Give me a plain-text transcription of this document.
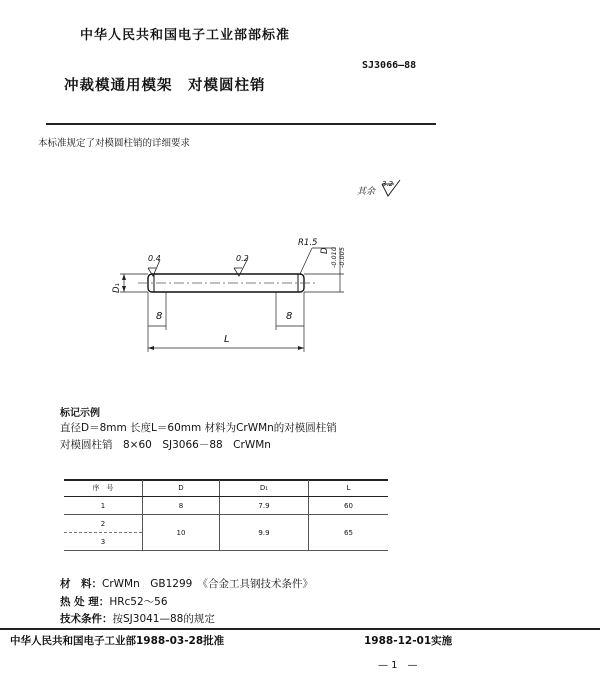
中华人民共和国电子工业部部标准
SJ3066—88
冲裁模通用模架　对模圆柱销
本标准规定了对模圆柱销的详细要求
其余
3.2
0.4	0.2
R1.5
D -0.010 -0.005
D₁
8	8
L
标记示例
直径D＝8mm 长度L＝60mm 材料为CrWMn的对模圆柱销
对模圆柱销　8×60　SJ3066－88　CrWMn
序　号	D	D₁	L
1	8	7.9	60
2	10	9.9	65
3			
材　料：CrWMn　GB1299　《合金工具钢技术条件》
热 处 理：HRc52～56
技术条件：按SJ3041—88的规定
中华人民共和国电子工业部1988-03-28批准	1988-12-01实施
— 1　—
